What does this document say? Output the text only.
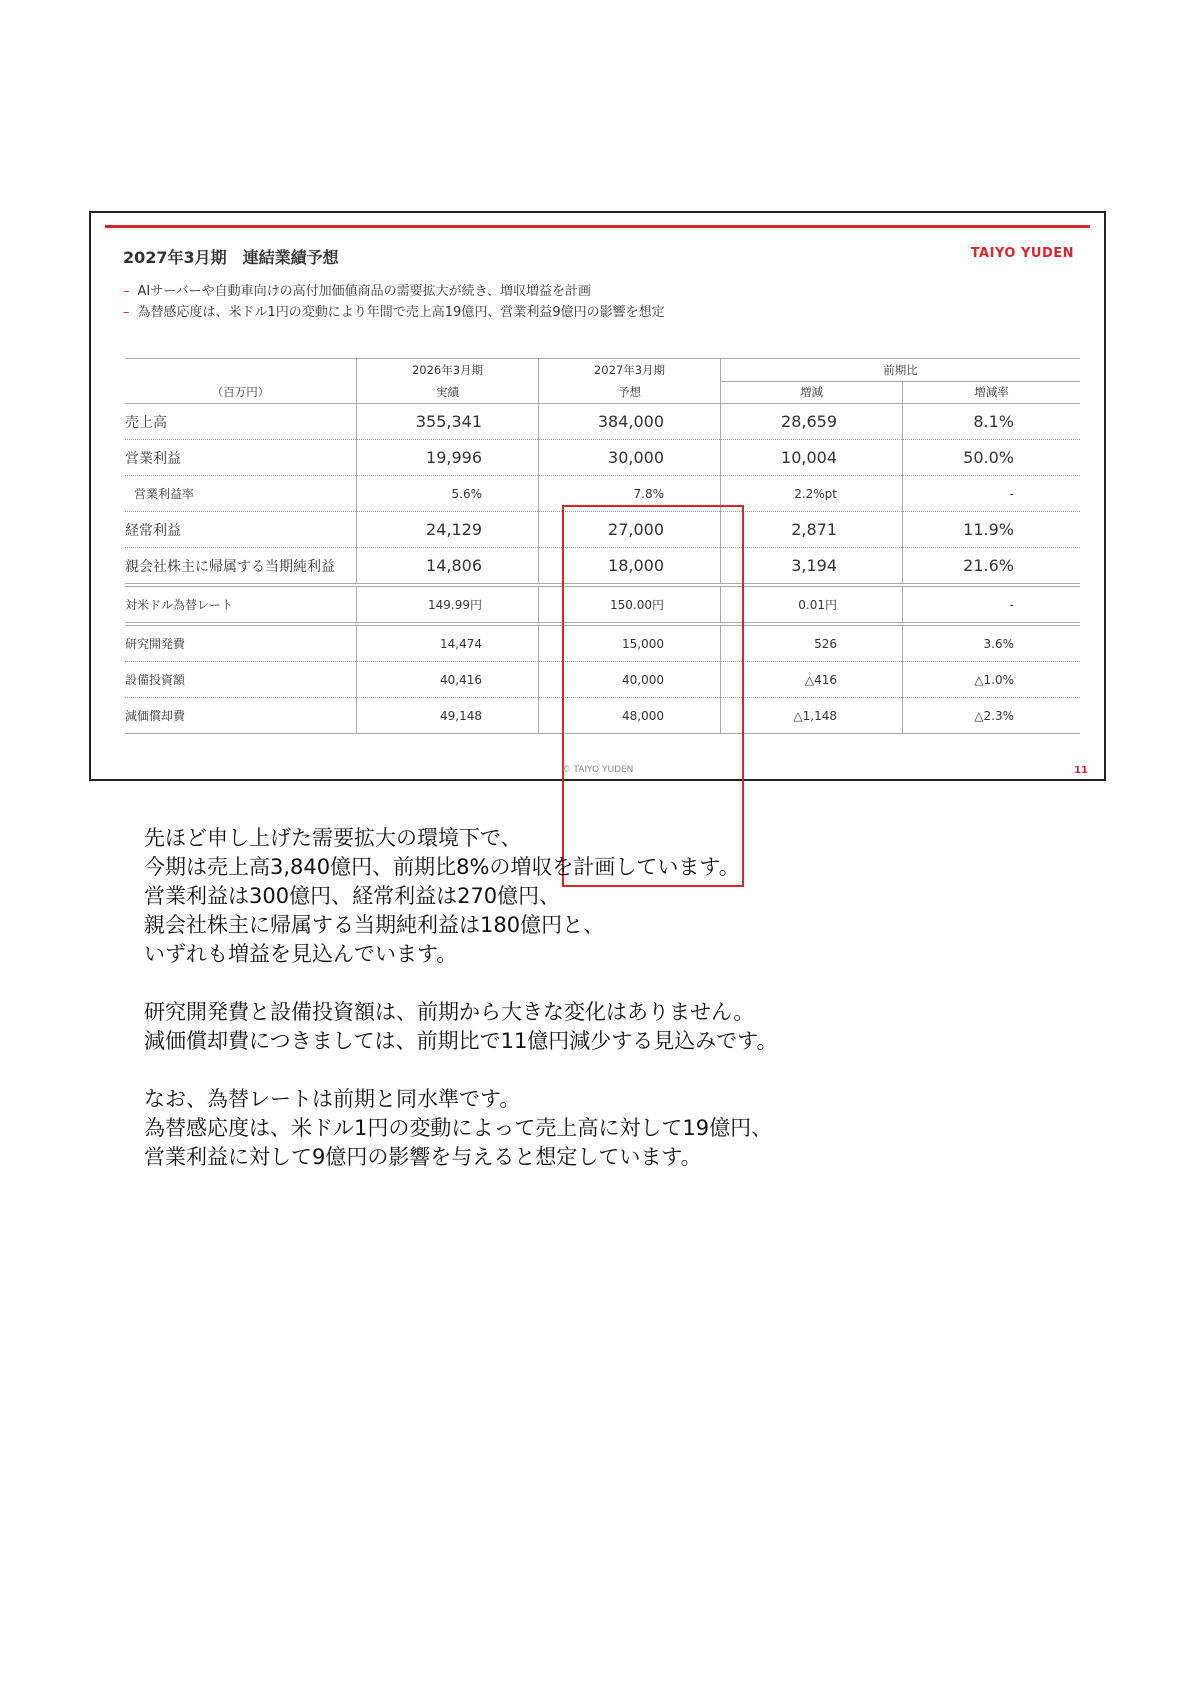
2027年3月期　連結業績予想	TAIYO YUDEN
– AIサーバーや自動車向けの高付加価値商品の需要拡大が続き、増収増益を計画
– 為替感応度は、米ドル1円の変動により年間で売上高19億円、営業利益9億円の影響を想定
	2026年3月期	2027年3月期	前期比	
（百万円）	実績	予想	増減	増減率
売上高	355,341	384,000	28,659	8.1%
営業利益	19,996	30,000	10,004	50.0%
営業利益率	5.6%	7.8%	2.2%pt	-
経常利益	24,129	27,000	2,871	11.9%
親会社株主に帰属する当期純利益	14,806	18,000	3,194	21.6%
対米ドル為替レート	149.99円	150.00円	0.01円	-
研究開発費	14,474	15,000	526	3.6%
設備投資額	40,416	40,000	△416	△1.0%
減価償却費	49,148	48,000	△1,148	△2.3%
© TAIYO YUDEN	11

先ほど申し上げた需要拡大の環境下で、
今期は売上高3,840億円、前期比8%の増収を計画しています。
営業利益は300億円、経常利益は270億円、
親会社株主に帰属する当期純利益は180億円と、
いずれも増益を見込んでいます。

研究開発費と設備投資額は、前期から大きな変化はありません。
減価償却費につきましては、前期比で11億円減少する見込みです。

なお、為替レートは前期と同水準です。
為替感応度は、米ドル1円の変動によって売上高に対して19億円、
営業利益に対して9億円の影響を与えると想定しています。
